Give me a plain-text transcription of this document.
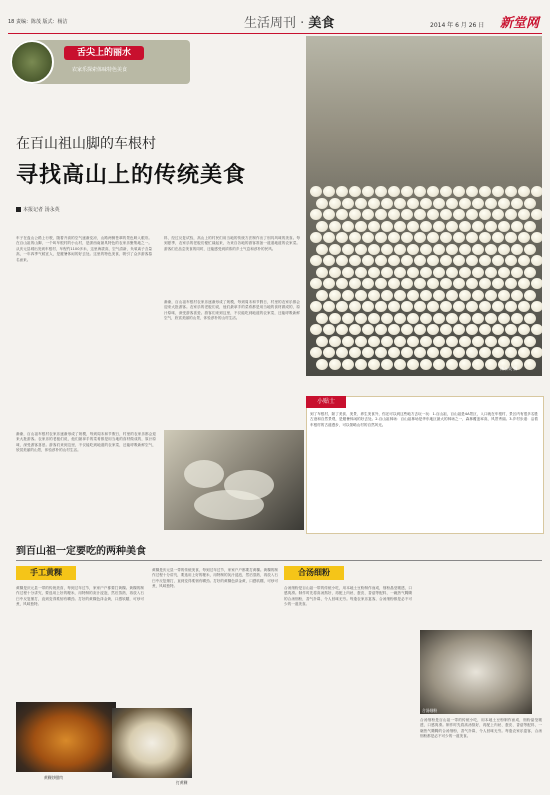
18 责编：陈茂 版式：杨洁	生活周刊 · 美食	2014 年 6 月 26 日 新堂网
舌尖上的丽水
农家乐探索体味特色美食
在百山祖山脚的车根村
寻找高山上的传统美食
本报记者 汤永英
车子在盘山公路上行驶，随着升高的空气逐渐变凉，山路两侧苍翠的景色映入眼帘。在百山祖的山脚，一个叫车根村的小山村，是浙西南最具特色的农家乐聚集地之一。从庆元县城出发到车根村，车程约1100多米，这里海拔高，空气清新，负氧离子含量高，一年四季气候宜人，是避暑休闲的好去处。这里的特色美食，吸引了众多游客慕名而来。
料，经过反复试验，高山上的村民们用当地的传统方法制作出了别具风味的美食。每到夏季，农家乐的老板们便忙碌起来，为来自各地的游客准备一道道地道的农家菜。游客们在品尝美食的同时，还能感受到浓浓的乡土气息和淳朴的民风。
渐渐，百山祖车根村农家乐逐渐形成了规模，每到周末和节假日，村里的农家乐都会迎来大批游客。农家乐的老板们说，他们最拿手的菜肴都是用当地的食材做成的，原汁原味，深受游客喜爱。游客们来到这里，不仅能吃到地道的农家菜，还能呼吸新鲜空气，欣赏美丽的山景，体验淳朴的山村生活。
渐渐，百山祖车根村农家乐逐渐形成了规模，每到周末和节假日，村里的农家乐都会迎来大批游客。农家乐的老板们说，他们最拿手的菜肴都是用当地的食材做成的，原汁原味，深受游客喜爱。游客们来到这里，不仅能吃到地道的农家菜，还能呼吸新鲜空气，欣赏美丽的山景，体验淳朴的山村生活。
汤永英 摄
小贴士
到了车根村，除了美食、美景、养生美食外，你还可以到这些地方去玩一玩：1.百山祖，百山祖是4A景区，入口就在车根村，景区内有很多名胜古迹和自然景观，是避暑休闲的好去处。2.百山祖林场：百山祖林场是华东地区最大的林场之一，森林覆盖率高，风景秀丽。3.乡村步道：沿着车根村的古道漫步，可以领略山村的自然风光。
到百山祖一定要吃的两种美食
手工黄粿
黄粿是庆元县一带的传统美食，每到过年过节，家家户户都要打黄粿。黄粿的制作过程十分讲究，要选用上好的粳米，用特制的灰汁浸泡，然后蒸熟，再放入石臼中反复捶打，直到变得柔韧有嚼劲。打好的黄粿色泽金黄，口感软糯，可炒可煮，风味独特。
黄粿是庆元县一带的传统美食，每到过年过节，家家户户都要打黄粿。黄粿的制作过程十分讲究，要选用上好的粳米，用特制的灰汁浸泡，然后蒸熟，再放入石臼中反复捶打，直到变得柔韧有嚼劲。打好的黄粿色泽金黄，口感软糯，可炒可煮，风味独特。
黄粿炒腊肉
打黄粿
合汤细粉
合汤细粉是百山祖一带的传统小吃，用本地土豆粉制作而成，细粉晶莹剔透，口感爽滑。制作时先将高汤熬好，再配上肉丝、蛋皮、香菇等配料，一碗热气腾腾的合汤细粉，香气扑鼻，令人回味无穷。每逢农家乐宴客，合汤细粉都是必不可少的一道美食。
合汤细粉
合汤细粉是百山祖一带的传统小吃，用本地土豆粉制作而成，细粉晶莹剔透，口感爽滑。制作时先将高汤熬好，再配上肉丝、蛋皮、香菇等配料，一碗热气腾腾的合汤细粉，香气扑鼻，令人回味无穷。每逢农家乐宴客，合汤细粉都是必不可少的一道美食。
